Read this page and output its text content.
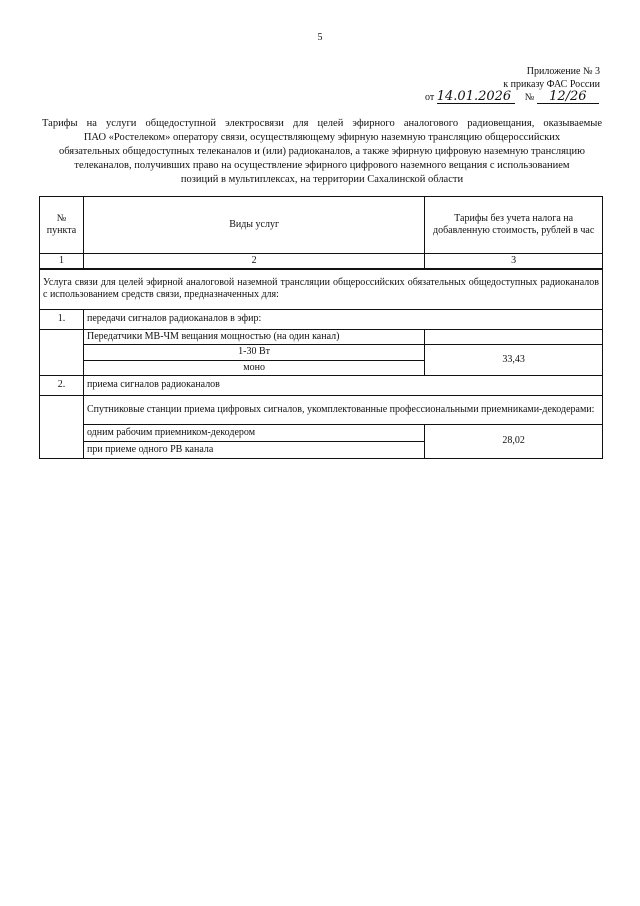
5
Приложение № 3
к приказу ФАС России
от 14.01.2026 № 12/26
Тарифы на услуги общедоступной электросвязи для целей эфирного аналогового радиовещания, оказываемые
ПАО «Ростелеком» оператору связи, осуществляющему эфирную наземную трансляцию общероссийских
обязательных общедоступных телеканалов и (или) радиоканалов, а также эфирную цифровую наземную трансляцию
телеканалов, получивших право на осуществление эфирного цифрового наземного вещания с использованием
позиций в мультиплексах, на территории Сахалинской области
№ пункта	Виды услуг	Тарифы без учета налога на добавленную стоимость, рублей в час
1	2	3
Услуга связи для целей эфирной аналоговой наземной трансляции общероссийских обязательных общедоступных радиоканалов с использованием средств связи, предназначенных для:		
1.	передачи сигналов радиоканалов в эфир:	
	Передатчики МВ-ЧМ вещания мощностью (на один канал)	
	1-30 Вт	33,43
	моно	
2.	приема сигналов радиоканалов	
	Спутниковые станции приема цифровых сигналов, укомплектованные профессиональными приемниками-декодерами:	
	одним рабочим приемником-декодером	28,02
	при приеме одного РВ канала	
